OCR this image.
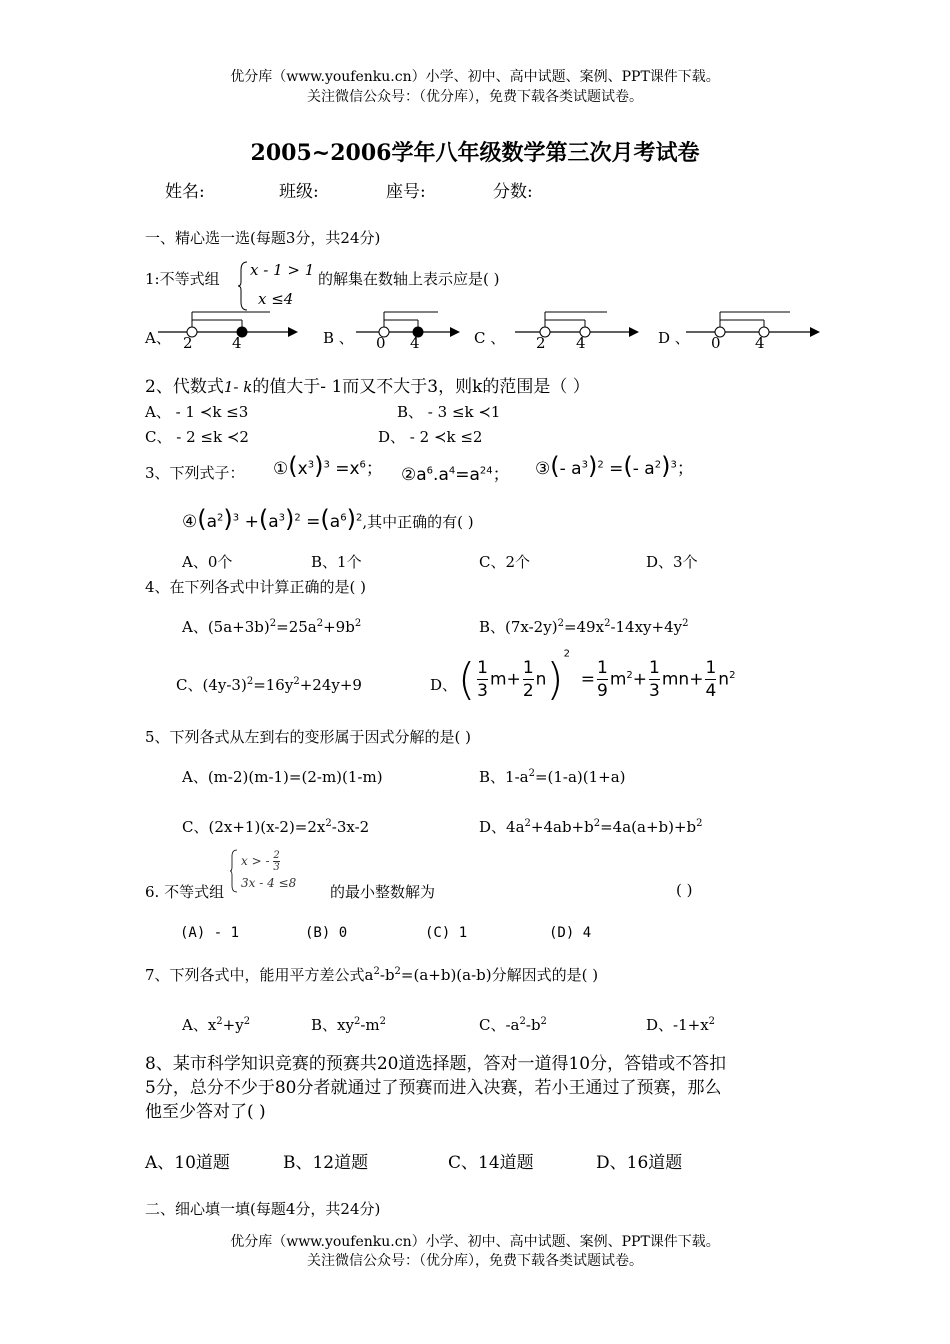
优分库（www.youfenku.cn）小学、初中、高中试题、案例、PPT课件下载。
关注微信公众号：（优分库），免费下载各类试题试卷。
2005~2006学年八年级数学第三次月考试卷
姓名:	班级:	座号:	分数:
一、精心选一选(每题3分，共24分)
1:不等式组 x - 1 > 1
x ≤4
的解集在数轴上表示应是( )
A、 2	4	B 、 0 4	C 、 2 4	D 、 0 4
2、代数式1- k的值大于- 1而又不大于3，则k的范围是（ ）
A、 - 1 ≺k ≤3	B、 - 3 ≤k ≺1
C、 - 2 ≤k ≺2	D、 - 2 ≺k ≤2
3、下列式子： $①(x^3)^3 =x^6$； $②a^6.a^4=a^{24}$； ③(- $a^3)^2$ =(- $a^2)^3$；
$④(a^2)^3 +(a^3)^2 =(a^6)^2$,其中正确的有( )
A、0个	B、1个	C、2个	D、3个
4、在下列各式中计算正确的是( )
A、$(5a+3b)^2=25a^2+9b^2$	B、$(7x-2y)^2=49x^2-14xy+4y^2$
C、$(4y-3)^2=16y^2+24y+9$	D、 ( $\frac{1}{3} m+ \frac{1}{2} n)^2 = \frac{1}{9} m^2+ \frac{1}{3} mn+ \frac{1}{4} n^2$
5、下列各式从左到右的变形属于因式分解的是( )
A、(m-2)(m-1)=(2-m)(1-m)	B、$1-a^2=(1-a)(1+a)$
C、$(2x+1)(x-2)=2x^2-3x-2$	D、$4a^2+4ab+b^2=4a(a+b)+b^2$
6. 不等式组
x > - $\frac{2}{3}$
3x - 4 ≤8 的最小整数解为	( )
(A) - 1	(B) 0	(C) 1	(D) 4
7、下列各式中，能用平方差公式$a^2-b^2=(a+b)(a-b)$分解因式的是( )
A、$x^2+y^2$	B、$xy^2-m^2$	C、$-a^2-b^2$	D、$-1+x^2$
8、某市科学知识竞赛的预赛共20道选择题，答对一道得10分，答错或不答扣
5分，总分不少于80分者就通过了预赛而进入决赛，若小王通过了预赛，那么
他至少答对了( )
A、10道题	B、12道题	C、14道题	D、16道题
二、细心填一填(每题4分，共24分)
优分库（www.youfenku.cn）小学、初中、高中试题、案例、PPT课件下载。
关注微信公众号：（优分库），免费下载各类试题试卷。
